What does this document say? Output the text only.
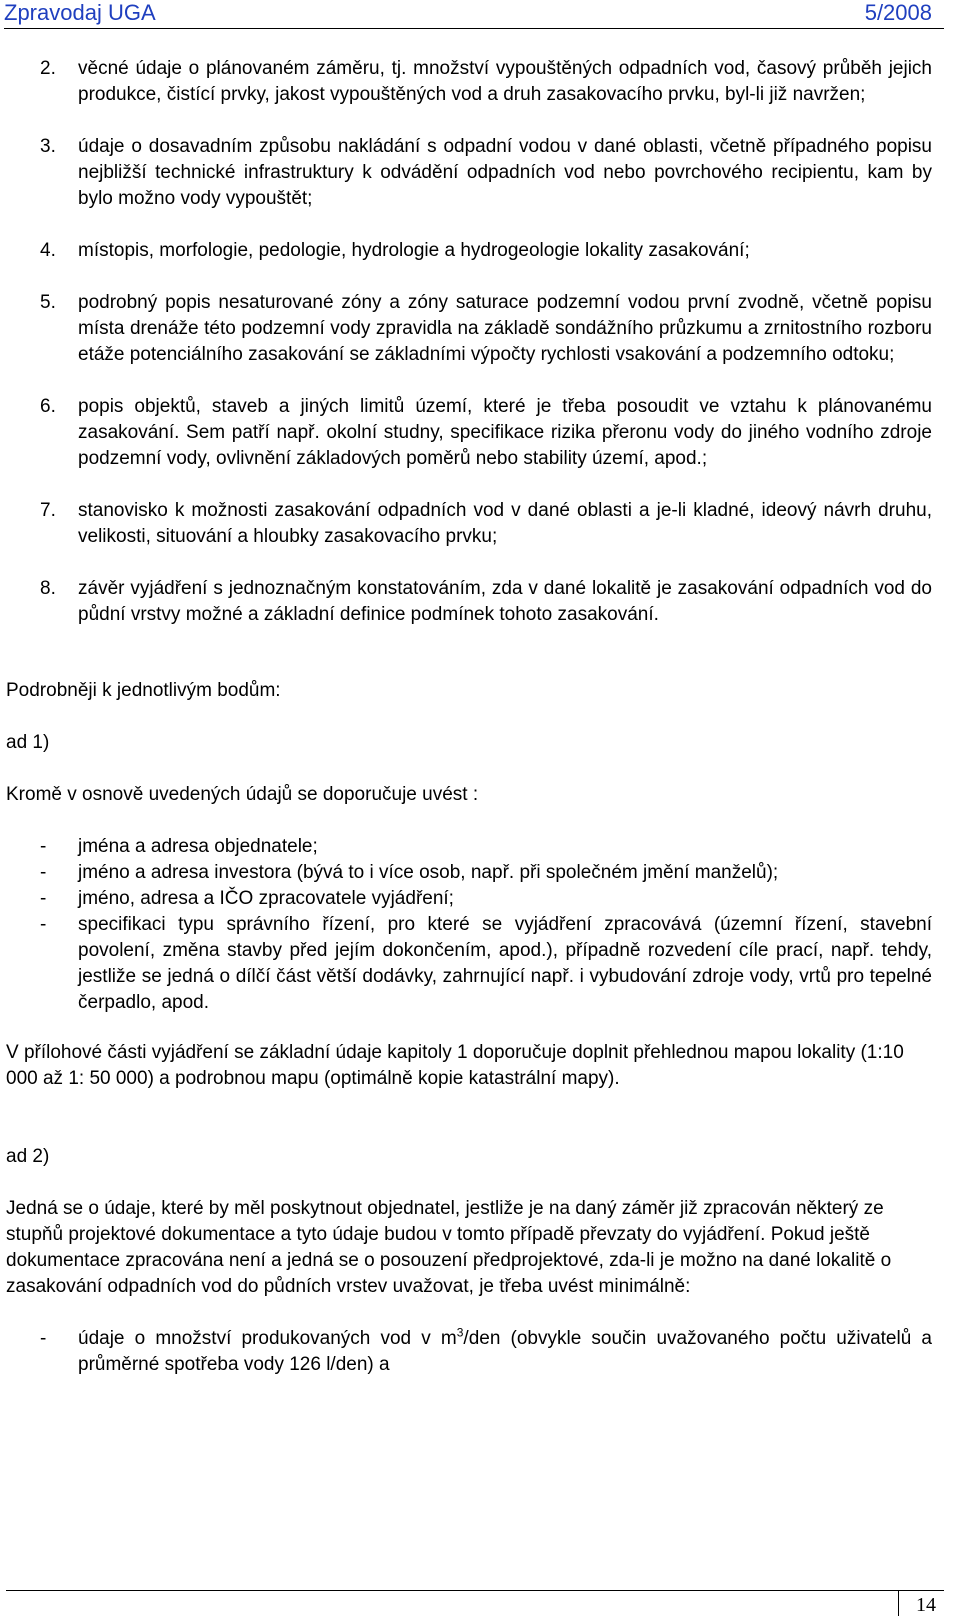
Zpravodaj UGA	5/2008
2.	věcné údaje o plánovaném záměru, tj. množství vypouštěných odpadních vod, časový průběh jejich produkce, čistící prvky, jakost vypouštěných vod a druh zasakovacího prvku, byl-li již navržen;
3.	údaje o dosavadním způsobu nakládání s odpadní vodou v dané oblasti, včetně případného popisu nejbližší technické infrastruktury k odvádění odpadních vod nebo povrchového recipientu, kam by bylo možno vody vypouštět;
4.	místopis, morfologie, pedologie, hydrologie a hydrogeologie lokality zasakování;
5.	podrobný popis nesaturované zóny a zóny saturace podzemní vodou první zvodně, včetně popisu místa drenáže této podzemní vody zpravidla na základě sondážního průzkumu a zrnitostního rozboru etáže potenciálního zasakování se základními výpočty rychlosti vsakování a podzemního odtoku;
6.	popis objektů, staveb a jiných limitů území, které je třeba posoudit ve vztahu k plánovanému zasakování. Sem patří např. okolní studny, specifikace rizika přeronu vody do jiného vodního zdroje podzemní vody, ovlivnění základových poměrů nebo stability území, apod.;
7.	stanovisko k možnosti zasakování odpadních vod v dané oblasti a je-li kladné, ideový návrh druhu, velikosti, situování a hloubky zasakovacího prvku;
8.	závěr vyjádření s jednoznačným konstatováním, zda v dané lokalitě je zasakování odpadních vod do půdní vrstvy možné a základní definice podmínek tohoto zasakování.

Podrobněji k jednotlivým bodům:

ad 1)

Kromě v osnově uvedených údajů se doporučuje uvést :

-	jména a adresa objednatele;
-	jméno a adresa investora (bývá to i více osob, např. při společném jmění manželů);
-	jméno, adresa a IČO zpracovatele vyjádření;
-	specifikaci typu správního řízení, pro které se vyjádření zpracovává (územní řízení, stavební povolení, změna stavby před jejím dokončením, apod.), případně rozvedení cíle prací, např. tehdy, jestliže se jedná o dílčí část větší dodávky, zahrnující např. i vybudování zdroje vody, vrtů pro tepelné čerpadlo, apod.

V přílohové části vyjádření se základní údaje kapitoly 1 doporučuje doplnit přehlednou mapou lokality (1:10 000 až 1: 50 000) a podrobnou mapu (optimálně kopie katastrální mapy).

ad 2)

Jedná se o údaje, které by měl poskytnout objednatel, jestliže je na daný záměr již zpracován některý ze stupňů projektové dokumentace a tyto údaje budou v tomto případě převzaty do vyjádření. Pokud ještě dokumentace zpracována není a jedná se o posouzení předprojektové, zda-li je možno na dané lokalitě o zasakování odpadních vod do půdních vrstev uvažovat, je třeba uvést minimálně:

-	údaje o množství produkovaných vod v $m^3$/den (obvykle součin uvažovaného počtu uživatelů a průměrné spotřeba vody 126 l/den) a
14
